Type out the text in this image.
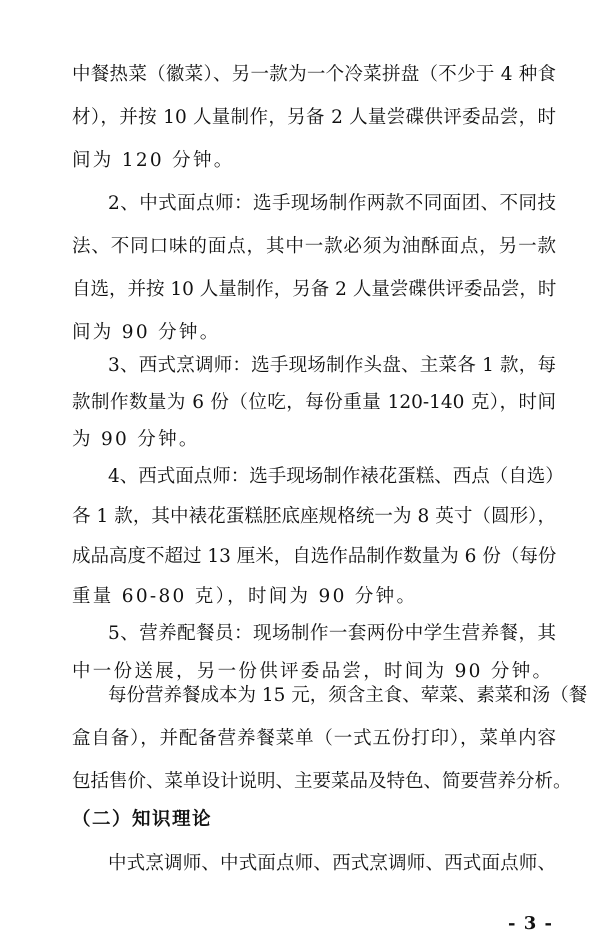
中餐热菜（徽菜）、另一款为一个冷菜拼盘（不少于 4 种食
材），并按 10 人量制作，另备 2 人量尝碟供评委品尝，时
间为 120 分钟。
2、中式面点师：选手现场制作两款不同面团、不同技
法、不同口味的面点，其中一款必须为油酥面点，另一款
自选，并按 10 人量制作，另备 2 人量尝碟供评委品尝，时
间为 90 分钟。
3、西式烹调师：选手现场制作头盘、主菜各 1 款，每
款制作数量为 6 份（位吃，每份重量 120-140 克），时间
为 90 分钟。
4、西式面点师：选手现场制作裱花蛋糕、西点（自选）
各 1 款，其中裱花蛋糕胚底座规格统一为 8 英寸（圆形），
成品高度不超过 13 厘米，自选作品制作数量为 6 份（每份
重量 60-80 克），时间为 90 分钟。
5、营养配餐员：现场制作一套两份中学生营养餐，其
中一份送展，另一份供评委品尝，时间为 90 分钟。
每份营养餐成本为 15 元，须含主食、荤菜、素菜和汤（餐
盒自备），并配备营养餐菜单（一式五份打印），菜单内容
包括售价、菜单设计说明、主要菜品及特色、简要营养分析。
（二）知识理论
- 3 -
中式烹调师、中式面点师、西式烹调师、西式面点师、
